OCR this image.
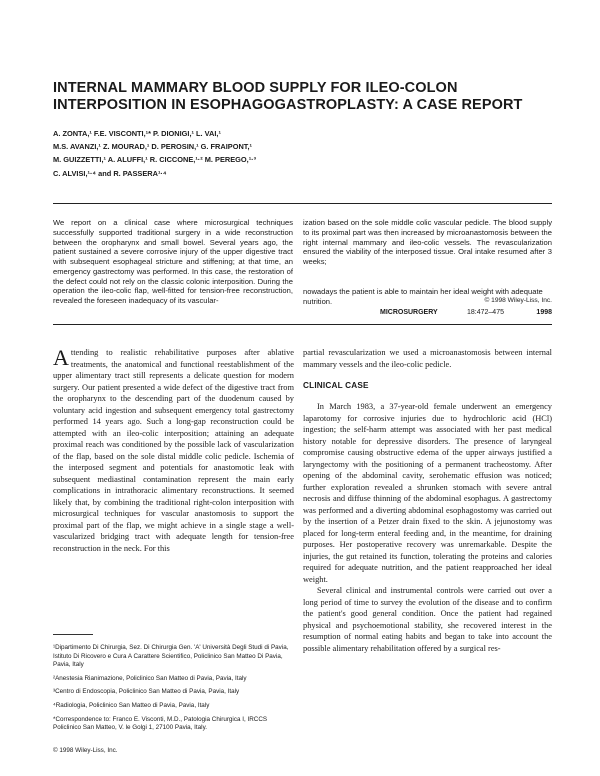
INTERNAL MAMMARY BLOOD SUPPLY FOR ILEO-COLON INTERPOSITION IN ESOPHAGOGASTROPLASTY: A CASE REPORT
A. ZONTA,¹ F.E. VISCONTI,¹* P. DIONIGI,¹ L. VAI,¹
M.S. AVANZI,¹ Z. MOURAD,¹ D. PEROSIN,¹ G. FRAIPONT,¹
M. GUIZZETTI,¹ A. ALUFFI,¹ R. CICCONE,¹·² M. PEREGO,¹·³
C. ALVISI,¹·⁴ and R. PASSERA¹·⁴
We report on a clinical case where microsurgical techniques successfully supported traditional surgery in a wide reconstruction between the oropharynx and small bowel. Several years ago, the patient sustained a severe corrosive injury of the upper digestive tract with subsequent esophageal stricture and stiffening; at that time, an emergency gastrectomy was performed. In this case, the restoration of the defect could not rely on the classic colonic interposition. During the operation the ileo-colic flap, well-fitted for tension-free reconstruction, revealed the foreseen inadequacy of its vascular-
ization based on the sole middle colic vascular pedicle. The blood supply to its proximal part was then increased by microanastomosis between the right internal mammary and ileo-colic vessels. The revascularization ensured the viability of the interposed tissue. Oral intake resumed after 3 weeks;
nowadays the patient is able to maintain her ideal weight with adequate nutrition.	© 1998 Wiley-Liss, Inc.
MICROSURGERY	18:472–475	1998
A ttending to realistic rehabilitative purposes after ablative treatments, the anatomical and functional reestablishment of the upper alimentary tract still represents a delicate question for modern surgery. Our patient presented a wide defect of the digestive tract from the oropharynx to the descending part of the duodenum caused by voluntary acid ingestion and subsequent emergency total gastrectomy performed 14 years ago. Such a long-gap reconstruction could be attempted with an ileo-colic interposition; attaining an adequate proximal reach was conditioned by the possible lack of vascularization of the flap, based on the sole distal middle colic pedicle. Ischemia of the interposed segment and potentials for anastomotic leak with subsequent mediastinal contamination represent the main early complications in intrathoracic alimentary reconstructions. It seemed likely that, by combining the traditional right-colon interposition with microsurgical techniques for vascular anastomosis to support the proximal part of the flap, we might achieve in a single stage a well-vascularized bridging tract with adequate length for tension-free reconstruction in the neck. For this
partial revascularization we used a microanastomosis between internal mammary vessels and the ileo-colic pedicle.
CLINICAL CASE
In March 1983, a 37-year-old female underwent an emergency laparotomy for corrosive injuries due to hydrochloric acid (HCl) ingestion; the self-harm attempt was associated with her past medical history notable for depressive disorders. The presence of laryngeal compromise causing obstructive edema of the upper airways justified a laryngectomy with the positioning of a permanent tracheostomy. After opening of the abdominal cavity, serohematic effusion was noticed; further exploration revealed a shrunken stomach with severe antral necrosis and diffuse thinning of the abdominal esophagus. A gastrectomy was performed and a diverting abdominal esophagostomy was carried out by the insertion of a Petzer drain fixed to the skin. A jejunostomy was placed for long-term enteral feeding and, in the meantime, for draining purposes. Her postoperative recovery was unremarkable. Despite the injuries, the gut retained its function, tolerating the proteins and calories required for adequate nutrition, and the patient reapproached her ideal weight.
Several clinical and instrumental controls were carried out over a long period of time to survey the evolution of the disease and to confirm the patient's good general condition. Once the patient had regained physical and psychoemotional stability, she recovered interest in the resumption of normal eating habits and began to take into account the possible alimentary rehabilitation offered by a surgical res-

¹Dipartimento Di Chirurgia, Sez. Di Chirurgia Gen. 'A' Università Degli Studi di Pavia, Istituto Di Ricovero e Cura A Carattere Scientifico, Policlinico San Matteo Di Pavia, Pavia, Italy

²Anestesia Rianimazione, Policlinico San Matteo di Pavia, Pavia, Italy

³Centro di Endoscopia, Policlinico San Matteo di Pavia, Pavia, Italy

⁴Radiologia, Policlinico San Matteo di Pavia, Pavia, Italy

*Correspondence to: Franco E. Visconti, M.D., Patologia Chirurgica I, IRCCS Policlinico San Matteo, V. le Golgi 1, 27100 Pavia, Italy.

© 1998 Wiley-Liss, Inc.
